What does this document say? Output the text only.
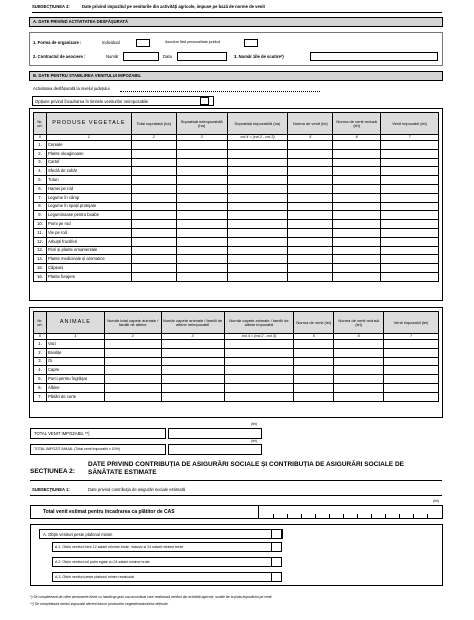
SUBSECȚIUNEA 3:	Date privind impozitul pe veniturile din activități agricole, impuse pe bază de norme de venit
A. DATE PRIVIND ACTIVITATEA DESFĂȘURATĂ
1. Forma de organizare :	Individual	Asociere fără personalitate juridică
2. Contractul de asociere :	Număr	Data	3. Număr zile de scutire*)
B. DATE PENTRU STABILIREA VENITULUI IMPOZABIL
Activitatea desfășurată la nivelul județului
Opțiune privind încadrarea în limitele veniturilor neimpozabile
Nr. crt.	PRODUSE VEGETALE	Total suprafață (ha)	Suprafață neimpozabilă (ha)	Suprafață impozabilă (ha)	Norma de venit (lei)	Norma de venit redusă (lei)	Venit impozabil (lei)
0	1	2	3	col.4 = (col.2 - col.3)	5	6	7
1.	Cereale						
2.	Plante oleaginoase						
3.	Cartof						
4.	Sfeclă de zahăr						
5.	Tutun						
6.	Hamei pe rod						
7.	Legume în câmp						
8.	Legume în spații protejate						
9.	Leguminoase pentru boabe						
10.	Pomi pe rod						
11.	Vie pe rod						
12.	Arbuști fructiferi						
13.	Flori și plante ornamentale						
14.	Plante medicinale și aromatice						
15.	Căpșuni						
16.	Plante furajere						
Nr. crt.	ANIMALE	Număr total capete animale / familii de albine	Număr capete animale / familii de albine neimpozabil	Număr capete animale / familii de albine impozabil	Norma de venit (lei)	Norma de venit redusă (lei)	Venit impozabil (lei)
0	1	2	3	col.4 = (col.2 - col.3)	5	6	7
1.	Vaci						
2.	Bivolițe						
3.	Oi						
4.	Capre						
5.	Porci pentru îngrășat						
6.	Albine						
7.	Păsări de curte						
(lei)
TOTAL VENIT IMPOZABIL **)
(lei)
TOTAL IMPOZIT ANUAL (Total venit impozabil x 10%)
SECȚIUNEA 2:
DATE PRIVIND CONTRIBUȚIA DE ASIGURĂRI SOCIALE ȘI CONTRIBUȚIA DE ASIGURĂRI SOCIALE DE SĂNĂTATE ESTIMATE
SUBSECȚIUNEA 1:	Date privind contribuția de asigurări sociale estimată
(lei)
Total venit estimat pentru încadrarea ca plătitor de CAS
A. Obțin venituri peste plafonul minim
A.1. Obțin venituri între 12 salarii minime brute, inclusiv și 24 salarii minime brute
A.2. Obțin venituri cel puțin egale cu 24 salarii minime brute
A.3. Obțin venituri peste plafonul minim recalculat
*) Se completează de către persoanele fizice cu handicap grav sau accentuat care realizează venituri din activități agricole, scutite de la plata impozitului pe venit.
**) Se completează venitul impozabil aferent tuturor produselor vegetale/animalelor deținute.
